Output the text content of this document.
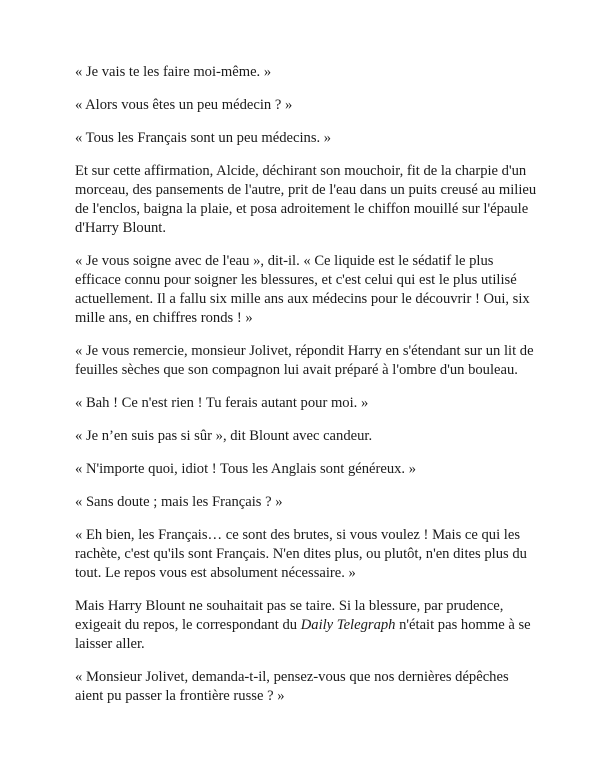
« Je vais te les faire moi-même. »

« Alors vous êtes un peu médecin ? »

« Tous les Français sont un peu médecins. »

Et sur cette affirmation, Alcide, déchirant son mouchoir, fit de la charpie d'un morceau, des pansements de l'autre, prit de l'eau dans un puits creusé au milieu de l'enclos, baigna la plaie, et posa adroitement le chiffon mouillé sur l'épaule d'Harry Blount.

« Je vous soigne avec de l'eau », dit-il. « Ce liquide est le sédatif le plus efficace connu pour soigner les blessures, et c'est celui qui est le plus utilisé actuellement. Il a fallu six mille ans aux médecins pour le découvrir ! Oui, six mille ans, en chiffres ronds ! »

« Je vous remercie, monsieur Jolivet, répondit Harry en s'étendant sur un lit de feuilles sèches que son compagnon lui avait préparé à l'ombre d'un bouleau.

« Bah ! Ce n'est rien ! Tu ferais autant pour moi. »

« Je n’en suis pas si sûr », dit Blount avec candeur.

« N'importe quoi, idiot ! Tous les Anglais sont généreux. »

« Sans doute ; mais les Français ? »

« Eh bien, les Français… ce sont des brutes, si vous voulez ! Mais ce qui les rachète, c'est qu'ils sont Français. N'en dites plus, ou plutôt, n'en dites plus du tout. Le repos vous est absolument nécessaire. »

Mais Harry Blount ne souhaitait pas se taire. Si la blessure, par prudence, exigeait du repos, le correspondant du Daily Telegraph n'était pas homme à se laisser aller.

« Monsieur Jolivet, demanda-t-il, pensez-vous que nos dernières dépêches aient pu passer la frontière russe ? »
